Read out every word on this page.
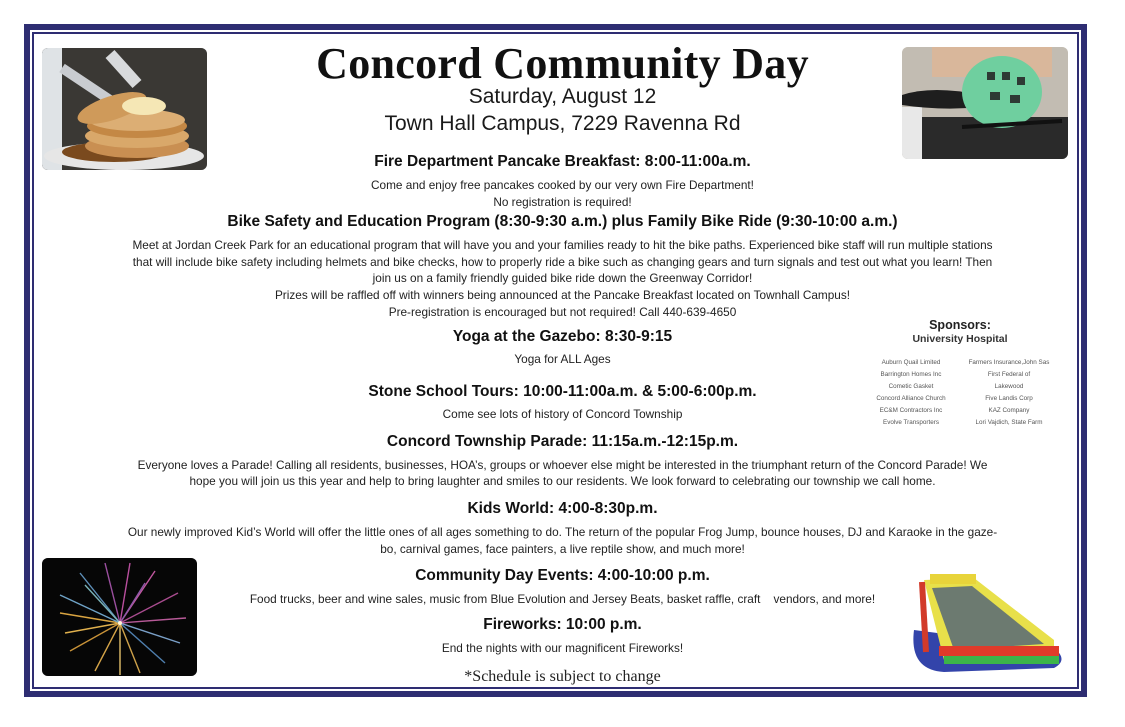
Concord Community Day
Saturday, August 12
Town Hall Campus, 7229 Ravenna Rd
Fire Department Pancake Breakfast: 8:00-11:00a.m.
Come and enjoy free pancakes cooked by our very own Fire Department!
No registration is required!
Bike Safety and Education Program (8:30-9:30 a.m.) plus Family Bike Ride (9:30-10:00 a.m.)
Meet at Jordan Creek Park for an educational program that will have you and your families ready to hit the bike paths. Experienced bike staff will run multiple stations
that will include bike safety including helmets and bike checks, how to properly ride a bike such as changing gears and turn signals and test out what you learn! Then
join us on a family friendly guided bike ride down the Greenway Corridor!
Prizes will be raffled off with winners being announced at the Pancake Breakfast located on Townhall Campus!
Pre-registration is encouraged but not required! Call 440-639-4650
Yoga at the Gazebo: 8:30-9:15
Yoga for ALL Ages
Stone School Tours: 10:00-11:00a.m. & 5:00-6:00p.m.
Come see lots of history of Concord Township
Concord Township Parade: 11:15a.m.-12:15p.m.
Everyone loves a Parade! Calling all residents, businesses, HOA’s, groups or whoever else might be interested in the triumphant return of the Concord Parade! We
hope you will join us this year and help to bring laughter and smiles to our residents. We look forward to celebrating our township we call home.
Kids World: 4:00-8:30p.m.
Our newly improved Kid’s World will offer the little ones of all ages something to do. The return of the popular Frog Jump, bounce houses, DJ and Karaoke in the gaze-
bo, carnival games, face painters, a live reptile show, and much more!
Community Day Events: 4:00-10:00 p.m.
Food trucks, beer and wine sales, music from Blue Evolution and Jersey Beats, basket raffle, craft    vendors, and more!
Fireworks: 10:00 p.m.
End the nights with our magnificent Fireworks!
*Schedule is subject to change
Sponsors:
University Hospital
Auburn Quail Limited
Barrington Homes Inc
Cometic Gasket
Concord Alliance Church
EC&M Contractors Inc
Evolve Transporters
Farmers Insurance,John Sas
First Federal of
Lakewood
Five Landis Corp
KAZ Company
Lori Vajdich, State Farm
